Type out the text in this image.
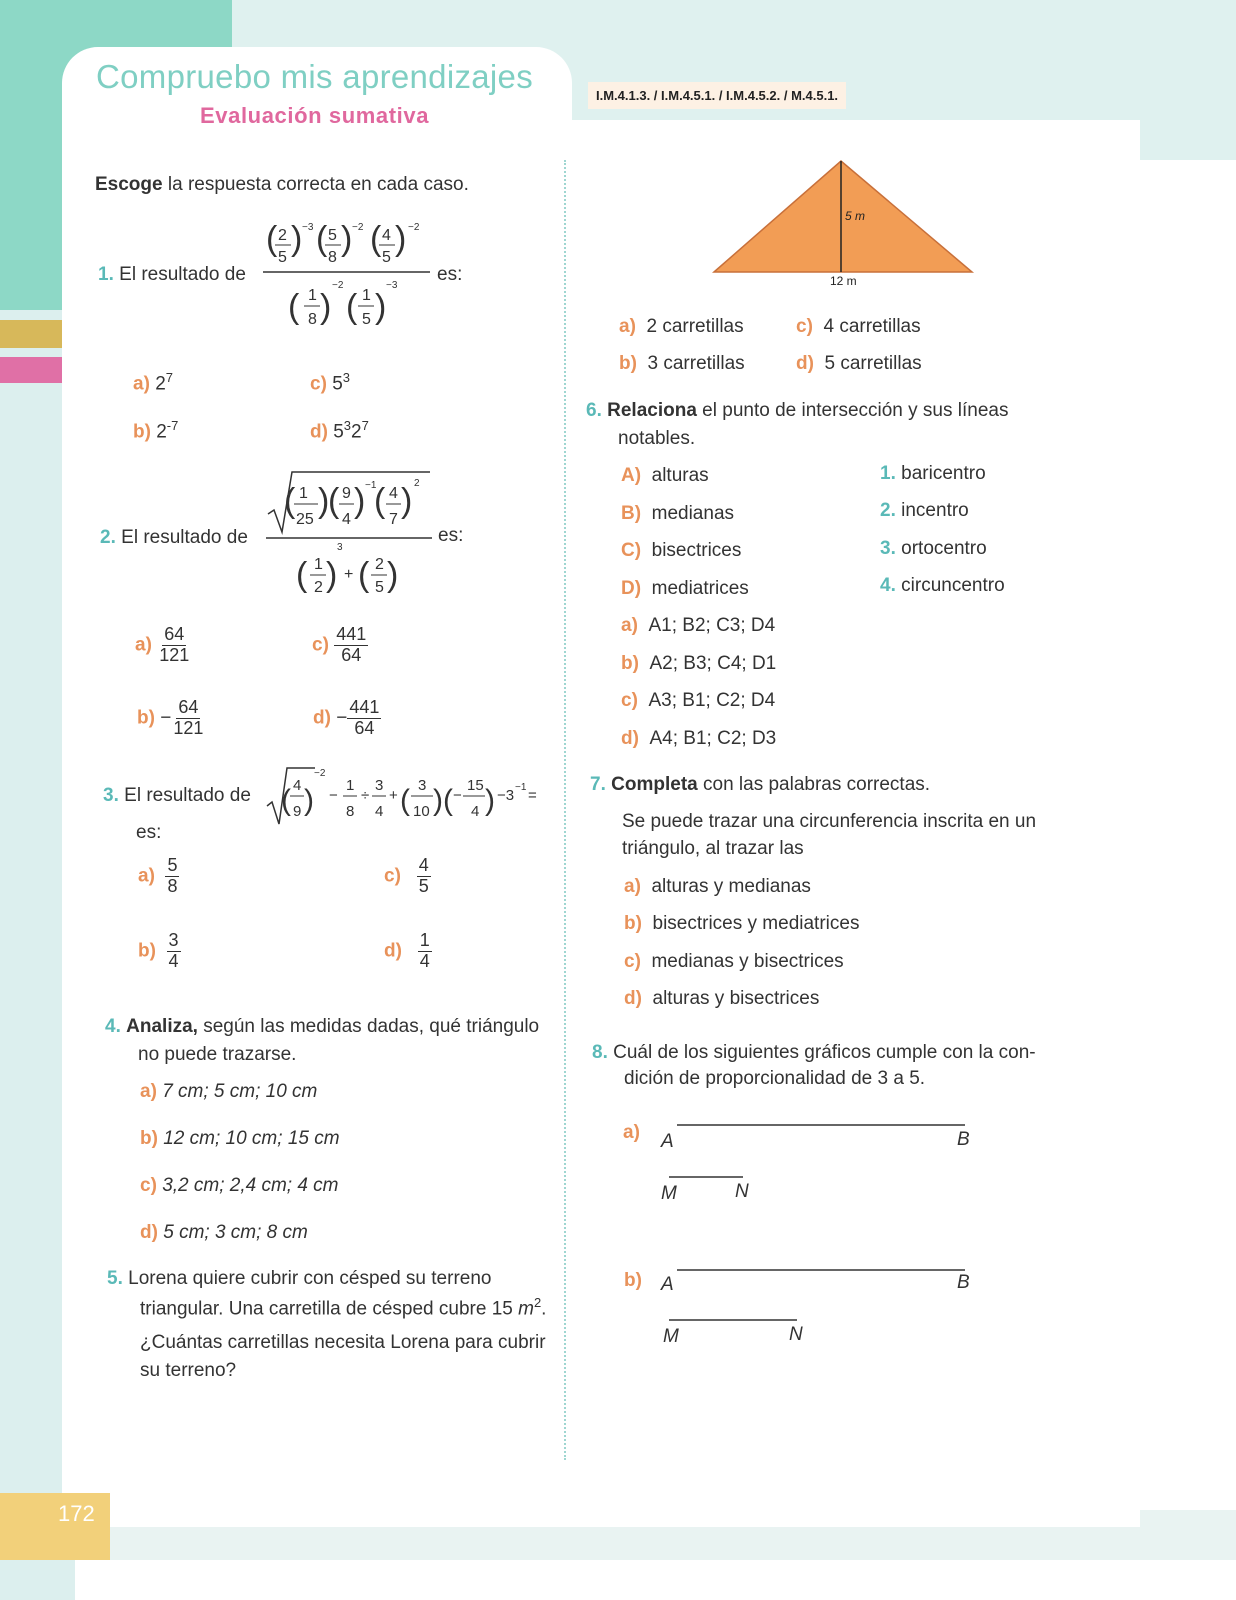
172
Compruebo mis aprendizajes
Evaluación sumativa
I.M.4.1.3. / I.M.4.5.1. / I.M.4.5.2. / M.4.5.1.
Escoge la respuesta correcta en cada caso.
1. El resultado de
( 2
5 ) −3 ( 5
8 ) −2 ( 4
5 ) −2
( 1
8 )
−2
( 1
5 )
−3
es:
a) $2^7$	c) $5^3$
b) $2^{-7}$	d) $5^32^7$
2. El resultado de
( 1
25 )
( 9
4 ) −1
( 4
7 ) 2
( 1
2 )
3
+ ( 2
5 )
es:
$a) \frac{64}{121}$	$c) \frac{441}{64}$
$b) - \frac{64}{121}$	$d) - \frac{441}{64}$
3. El resultado de ( 4
9 )
−2
−
1
8
÷
3
4
+ ( 3
10 ) ( −
15
4 ) −3 −1 =
es:
$a) \frac{5}{8}$	$c) \frac{4}{5}$
$b) \frac{3}{4}$	$d) \frac{1}{4}$
4. Analiza, según las medidas dadas, qué triángulo
no puede trazarse.
a) 7 cm; 5 cm; 10 cm
b) 12 cm; 10 cm; 15 cm
c) 3,2 cm; 2,4 cm; 4 cm
d) 5 cm; 3 cm; 8 cm
5. Lorena quiere cubrir con césped su terreno
triangular. Una carretilla de césped cubre 15 $m^2$.
¿Cuántas carretillas necesita Lorena para cubrir
su terreno?
5 m
12 m
a) 2 carretillas	c) 4 carretillas
b) 3 carretillas	d) 5 carretillas
6. Relaciona el punto de intersección y sus líneas
notables.
A) alturas
B) medianas
C) bisectrices
D) mediatrices
1. baricentro
2. incentro
3. ortocentro
4. circuncentro
a) A1; B2; C3; D4
b) A2; B3; C4; D1
c) A3; B1; C2; D4
d) A4; B1; C2; D3
7. Completa con las palabras correctas.
Se puede trazar una circunferencia inscrita en un
triángulo, al trazar las
a) alturas y medianas
b) bisectrices y mediatrices
c) medianas y bisectrices
d) alturas y bisectrices
8. Cuál de los siguientes gráficos cumple con la con-
dición de proporcionalidad de 3 a 5.
a) A	B
M	N
b) A	B
M	N
